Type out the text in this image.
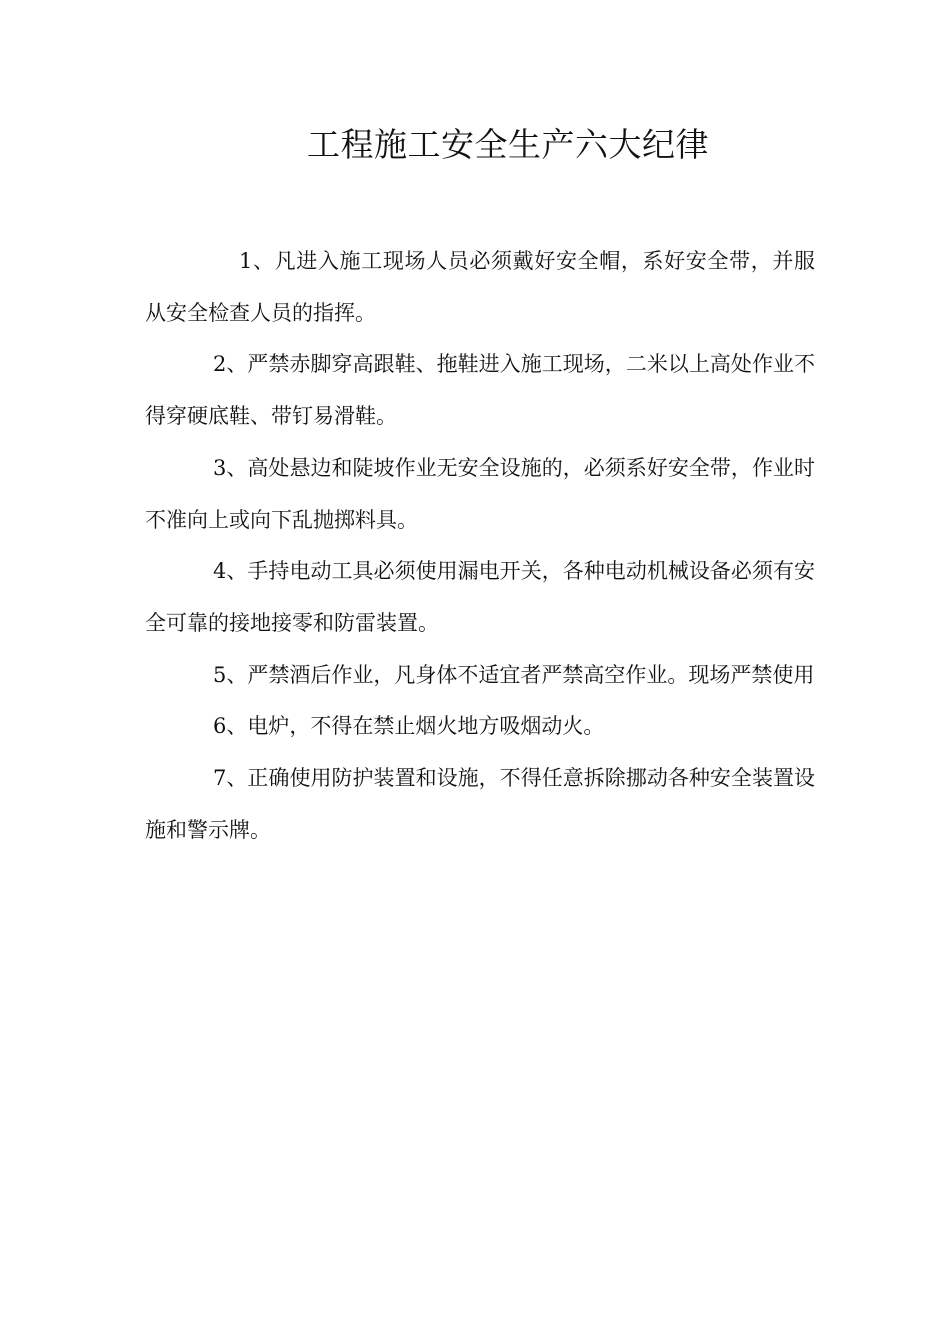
工程施工安全生产六大纪律

1、凡进入施工现场人员必须戴好安全帽，系好安全带，并服从安全检查人员的指挥。

2、严禁赤脚穿高跟鞋、拖鞋进入施工现场，二米以上高处作业不得穿硬底鞋、带钉易滑鞋。

3、高处悬边和陡坡作业无安全设施的，必须系好安全带，作业时不准向上或向下乱抛掷料具。

4、手持电动工具必须使用漏电开关，各种电动机械设备必须有安全可靠的接地接零和防雷装置。

5、严禁酒后作业，凡身体不适宜者严禁高空作业。现场严禁使用

6、电炉，不得在禁止烟火地方吸烟动火。

7、正确使用防护装置和设施，不得任意拆除挪动各种安全装置设施和警示牌。
